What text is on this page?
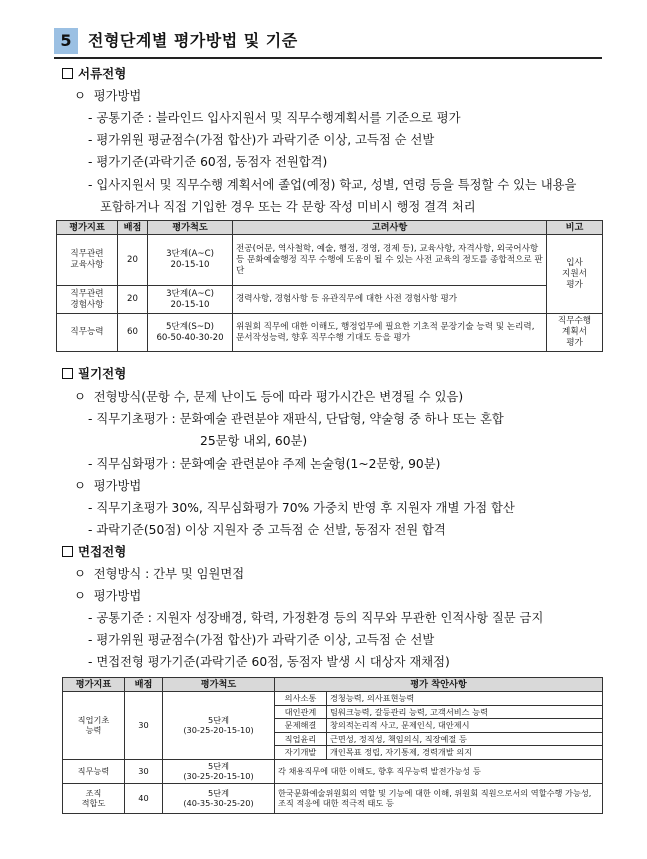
5	전형단계별 평가방법 및 기준
서류전형
ㅇ 평가방법
- 공통기준 : 블라인드 입사지원서 및 직무수행계획서를 기준으로 평가
- 평가위원 평균점수(가점 합산)가 과락기준 이상, 고득점 순 선발
- 평가기준(과락기준 60점, 동점자 전원합격)
- 입사지원서 및 직무수행 계획서에 졸업(예정) 학교, 성별, 연령 등을 특정할 수 있는 내용을
포함하거나 직접 기입한 경우 또는 각 문항 작성 미비시 행정 결격 처리
평가지표	배점	평가척도	고려사항	비고
직무관련
교육사항	20	3단계(A~C)
20-15-10	전공(어문, 역사철학, 예술, 행정, 경영, 경제 등), 교육사항, 자격사항, 외국어사항 등 문화예술행정 직무 수행에 도움이 될 수 있는 사전 교육의 정도를 종합적으로 판단	입사
지원서
평가
직무관련
경험사항	20	3단계(A~C)
20-15-10	경력사항, 경험사항 등 유관직무에 대한 사전 경험사항 평가	
직무능력	60	5단계(S~D)
60-50-40-30-20	위원회 직무에 대한 이해도, 행정업무에 필요한 기초적 문장기술 능력 및 논리력, 문서작성능력, 향후 직무수행 기대도 등을 평가	직무수행
계획서
평가
필기전형
ㅇ 전형방식(문항 수, 문제 난이도 등에 따라 평가시간은 변경될 수 있음)
- 직무기초평가 : 문화예술 관련분야 재판식, 단답형, 약술형 중 하나 또는 혼합
25문항 내외, 60분)
- 직무심화평가 : 문화예술 관련분야 주제 논술형(1~2문항, 90분)
ㅇ 평가방법
- 직무기초평가 30%, 직무심화평가 70% 가중치 반영 후 지원자 개별 가점 합산
- 과락기준(50점) 이상 지원자 중 고득점 순 선발, 동점자 전원 합격
면접전형
ㅇ 전형방식 : 간부 및 임원면접
ㅇ 평가방법
- 공통기준 : 지원자 성장배경, 학력, 가정환경 등의 직무와 무관한 인적사항 질문 금지
- 평가위원 평균점수(가점 합산)가 과락기준 이상, 고득점 순 선발
- 면접전형 평가기준(과락기준 60점, 동점자 발생 시 대상자 재채점)
평가지표	배점	평가척도	평가 착안사항	
직업기초
능력	30	5단계
(30-25-20-15-10)	의사소통	경청능력, 의사표현능력
			대인관계	팀워크능력, 갈등관리 능력, 고객서비스 능력
			문제해결	창의적논리적 사고, 문제인식, 대안제시
			직업윤리	근면성, 정직성, 책임의식, 직장예절 등
			자기개발	개인목표 정립, 자기통제, 경력개발 의지
직무능력	30	5단계
(30-25-20-15-10)	각 채용직무에 대한 이해도, 향후 직무능력 발전가능성 등	
조직
적합도	40	5단계
(40-35-30-25-20)	한국문화예술위원회의 역할 및 기능에 대한 이해, 위원회 직원으로서의 역할수행 가능성, 조직 적응에 대한 적극적 태도 등	
